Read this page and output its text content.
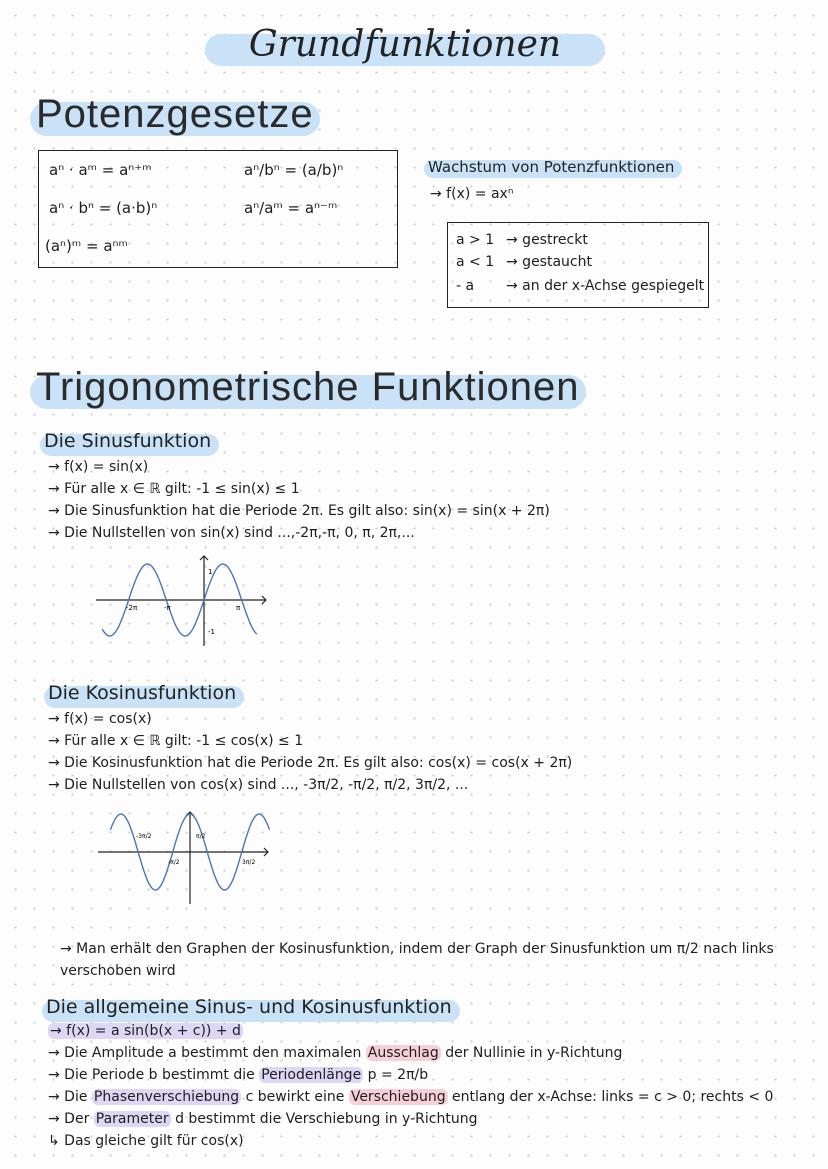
Grundfunktionen
Potenzgesetze
aⁿ · aᵐ = aⁿ⁺ᵐ	aⁿ/bⁿ = (a/b)ⁿ
aⁿ · bⁿ = (a·b)ⁿ	aⁿ/aᵐ = aⁿ⁻ᵐ
(aⁿ)ᵐ = aⁿᵐ
Wachstum von Potenzfunktionen
→ f(x) = axⁿ
a > 1 → gestreckt
a < 1 → gestaucht
- a → an der x-Achse gespiegelt
Trigonometrische Funktionen
Die Sinusfunktion
→ f(x) = sin(x)
→ Für alle x ∈ ℝ gilt: -1 ≤ sin(x) ≤ 1
→ Die Sinusfunktion hat die Periode 2π. Es gilt also: sin(x) = sin(x + 2π)
→ Die Nullstellen von sin(x) sind ...,-2π,-π, 0, π, 2π,...
-2π	-π	π
1
-1
Die Kosinusfunktion
→ f(x) = cos(x)
→ Für alle x ∈ ℝ gilt: -1 ≤ cos(x) ≤ 1
→ Die Kosinusfunktion hat die Periode 2π. Es gilt also: cos(x) = cos(x + 2π)
→ Die Nullstellen von cos(x) sind ..., -3π/2, -π/2, π/2, 3π/2, ...
-3π/2
-π/2
π/2
3π/2
→ Man erhält den Graphen der Kosinusfunktion, indem der Graph der Sinusfunktion um π/2 nach links verschoben wird
Die allgemeine Sinus- und Kosinusfunktion
→ f(x) = a sin(b(x + c)) + d
→ Die Amplitude a bestimmt den maximalen Ausschlag der Nullinie in y-Richtung
→ Die Periode b bestimmt die Periodenlänge p = 2π/b
→ Die Phasenverschiebung c bewirkt eine Verschiebung entlang der x-Achse: links = c > 0; rechts < 0
→ Der Parameter d bestimmt die Verschiebung in y-Richtung
↳ Das gleiche gilt für cos(x)
